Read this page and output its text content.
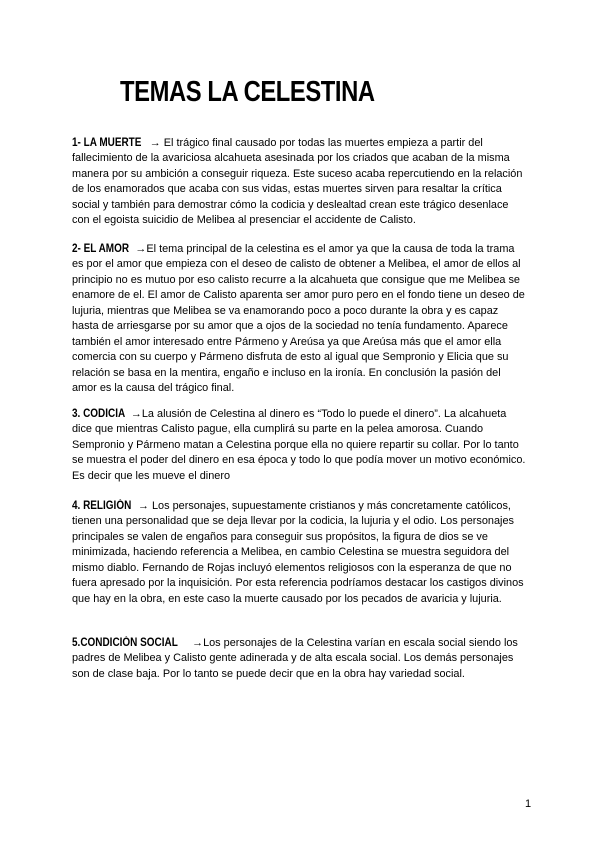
TEMAS LA CELESTINA
1- LA MUERTE → El trágico final causado por todas las muertes empieza a partir del fallecimiento de la avariciosa alcahueta asesinada por los criados que acaban de la misma manera por su ambición a conseguir riqueza. Este suceso acaba repercutiendo en la relación de los enamorados que acaba con sus vidas, estas muertes sirven para resaltar la crítica social y también para demostrar cómo la codicia y deslealtad crean este trágico desenlace con el egoista suicidio de Melibea al presenciar el accidente de Calisto.
2- EL AMOR →El tema principal de la celestina es el amor ya que la causa de toda la trama es por el amor que empieza con el deseo de calisto de obtener a Melibea, el amor de ellos al principio no es mutuo por eso calisto recurre a la alcahueta que consigue que me Melibea se enamore de el. El amor de Calisto aparenta ser amor puro pero en el fondo tiene un deseo de lujuria, mientras que Melibea se va enamorando poco a poco durante la obra y es capaz hasta de arriesgarse por su amor que a ojos de la sociedad no tenía fundamento. Aparece también el amor interesado entre Pármeno y Areúsa ya que Areúsa más que el amor ella comercia con su cuerpo y Pármeno disfruta de esto al igual que Sempronio y Elicia que su relación se basa en la mentira, engaño e incluso en la ironía. En conclusión la pasión del amor es la causa del trágico final.
3. CODICIA →La alusión de Celestina al dinero es “Todo lo puede el dinero”. La alcahueta dice que mientras Calisto pague, ella cumplirá su parte en la pelea amorosa. Cuando Sempronio y Pármeno matan a Celestina porque ella no quiere repartir su collar. Por lo tanto se muestra el poder del dinero en esa época y todo lo que podía mover un motivo económico. Es decir que les mueve el dinero
4. RELIGIÓN → Los personajes, supuestamente cristianos y más concretamente católicos, tienen una personalidad que se deja llevar por la codicia, la lujuria y el odio. Los personajes principales se valen de engaños para conseguir sus propósitos, la figura de dios se ve minimizada, haciendo referencia a Melibea, en cambio Celestina se muestra seguidora del mismo diablo. Fernando de Rojas incluyó elementos religiosos con la esperanza de que no fuera apresado por la inquisición. Por esta referencia podríamos destacar los castigos divinos que hay en la obra, en este caso la muerte causado por los pecados de avaricia y lujuria.
5.CONDICIÓN SOCIAL →Los personajes de la Celestina varían en escala social siendo los padres de Melibea y Calisto gente adinerada y de alta escala social. Los demás personajes son de clase baja. Por lo tanto se puede decir que en la obra hay variedad social.
1
